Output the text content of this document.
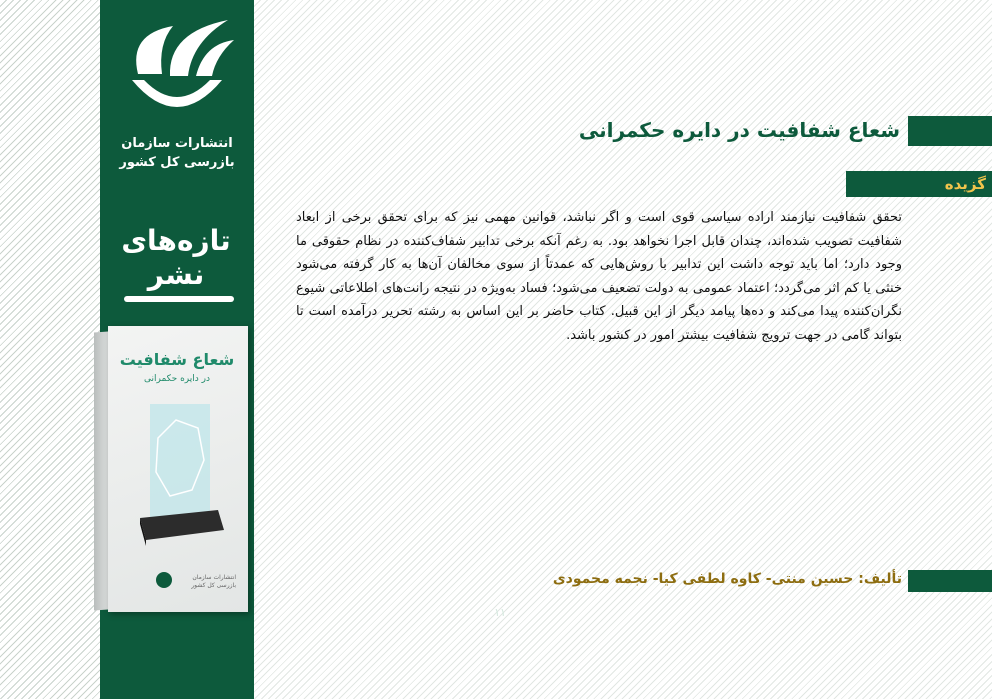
انتشارات سازمان
بازرسی کل کشور
تازه‌های نشر
شعاع شفافیت
در دایره حکمرانی
انتشارات سازمان بازرسی کل کشور
شعاع شفافیت در دایره حکمرانی
گزیده
تحقق شفافیت نیازمند اراده سیاسی قوی است و اگر نباشد، قوانین مهمی نیز که برای تحقق برخی از ابعاد شفافیت تصویب شده‌اند، چندان قابل اجرا نخواهد بود. به رغم آنکه برخی تدابیر شفاف‌کننده در نظام حقوقی ما وجود دارد؛ اما باید توجه داشت این تدابیر با روش‌هایی که عمدتاً از سوی مخالفان آن‌ها به کار گرفته می‌شود خنثی یا کم اثر می‌گردد؛ اعتماد عمومی به دولت تضعیف می‌شود؛ فساد به‌ویژه در نتیجه رانت‌های اطلاعاتی شیوع نگران‌کننده پیدا می‌کند و ده‌ها پیامد دیگر از این قبیل. کتاب حاضر بر این اساس به رشته تحریر درآمده است تا بتواند گامی در جهت ترویج شفافیت بیشتر امور در کشور باشد.
تألیف: حسین منتی- کاوه لطفی کیا- نجمه محمودی
۱۱
